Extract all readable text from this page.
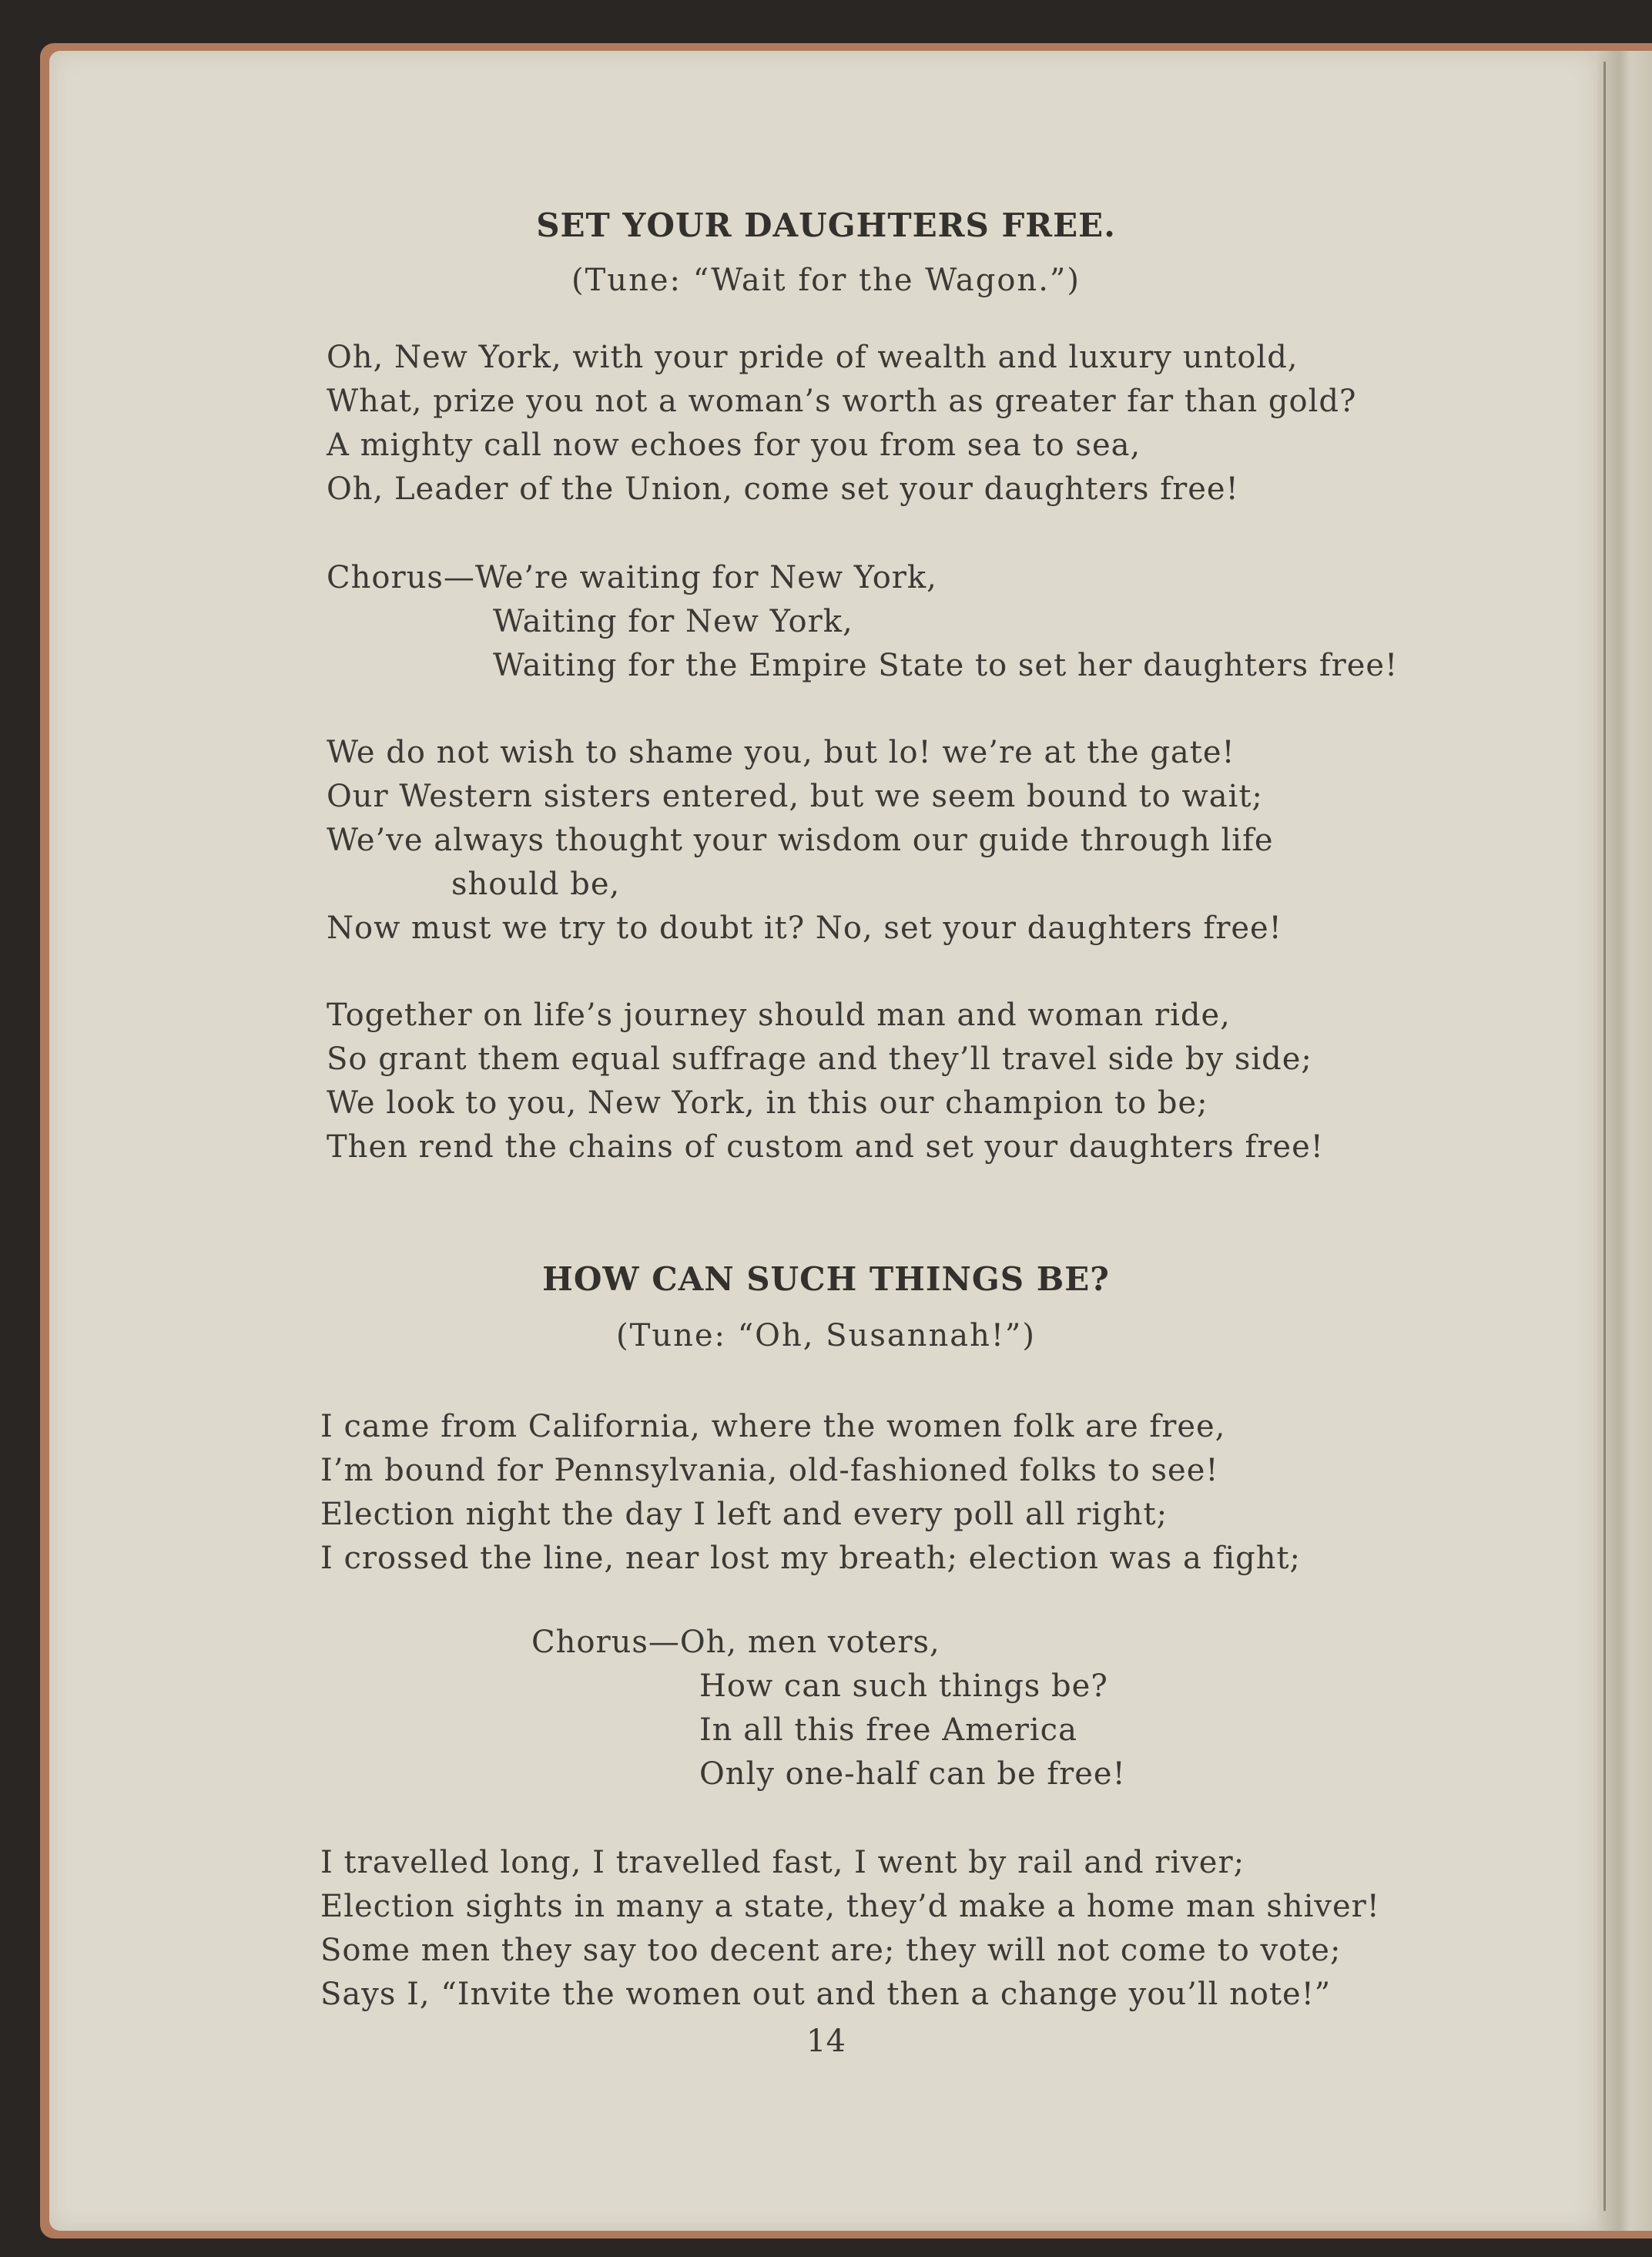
SET YOUR DAUGHTERS FREE.
(Tune: “Wait for the Wagon.”)
Oh, New York, with your pride of wealth and luxury untold,
What, prize you not a woman’s worth as greater far than gold?
A mighty call now echoes for you from sea to sea,
Oh, Leader of the Union, come set your daughters free!
Chorus—We’re waiting for New York,
Waiting for New York,
Waiting for the Empire State to set her daughters free!
We do not wish to shame you, but lo! we’re at the gate!
Our Western sisters entered, but we seem bound to wait;
We’ve always thought your wisdom our guide through life
should be,
Now must we try to doubt it? No, set your daughters free!
Together on life’s journey should man and woman ride,
So grant them equal suffrage and they’ll travel side by side;
We look to you, New York, in this our champion to be;
Then rend the chains of custom and set your daughters free!
HOW CAN SUCH THINGS BE?
(Tune: “Oh, Susannah!”)
I came from California, where the women folk are free,
I’m bound for Pennsylvania, old-fashioned folks to see!
Election night the day I left and every poll all right;
I crossed the line, near lost my breath; election was a fight;
Chorus—Oh, men voters,
How can such things be?
In all this free America
Only one-half can be free!
I travelled long, I travelled fast, I went by rail and river;
Election sights in many a state, they’d make a home man shiver!
Some men they say too decent are; they will not come to vote;
Says I, “Invite the women out and then a change you’ll note!”
14
